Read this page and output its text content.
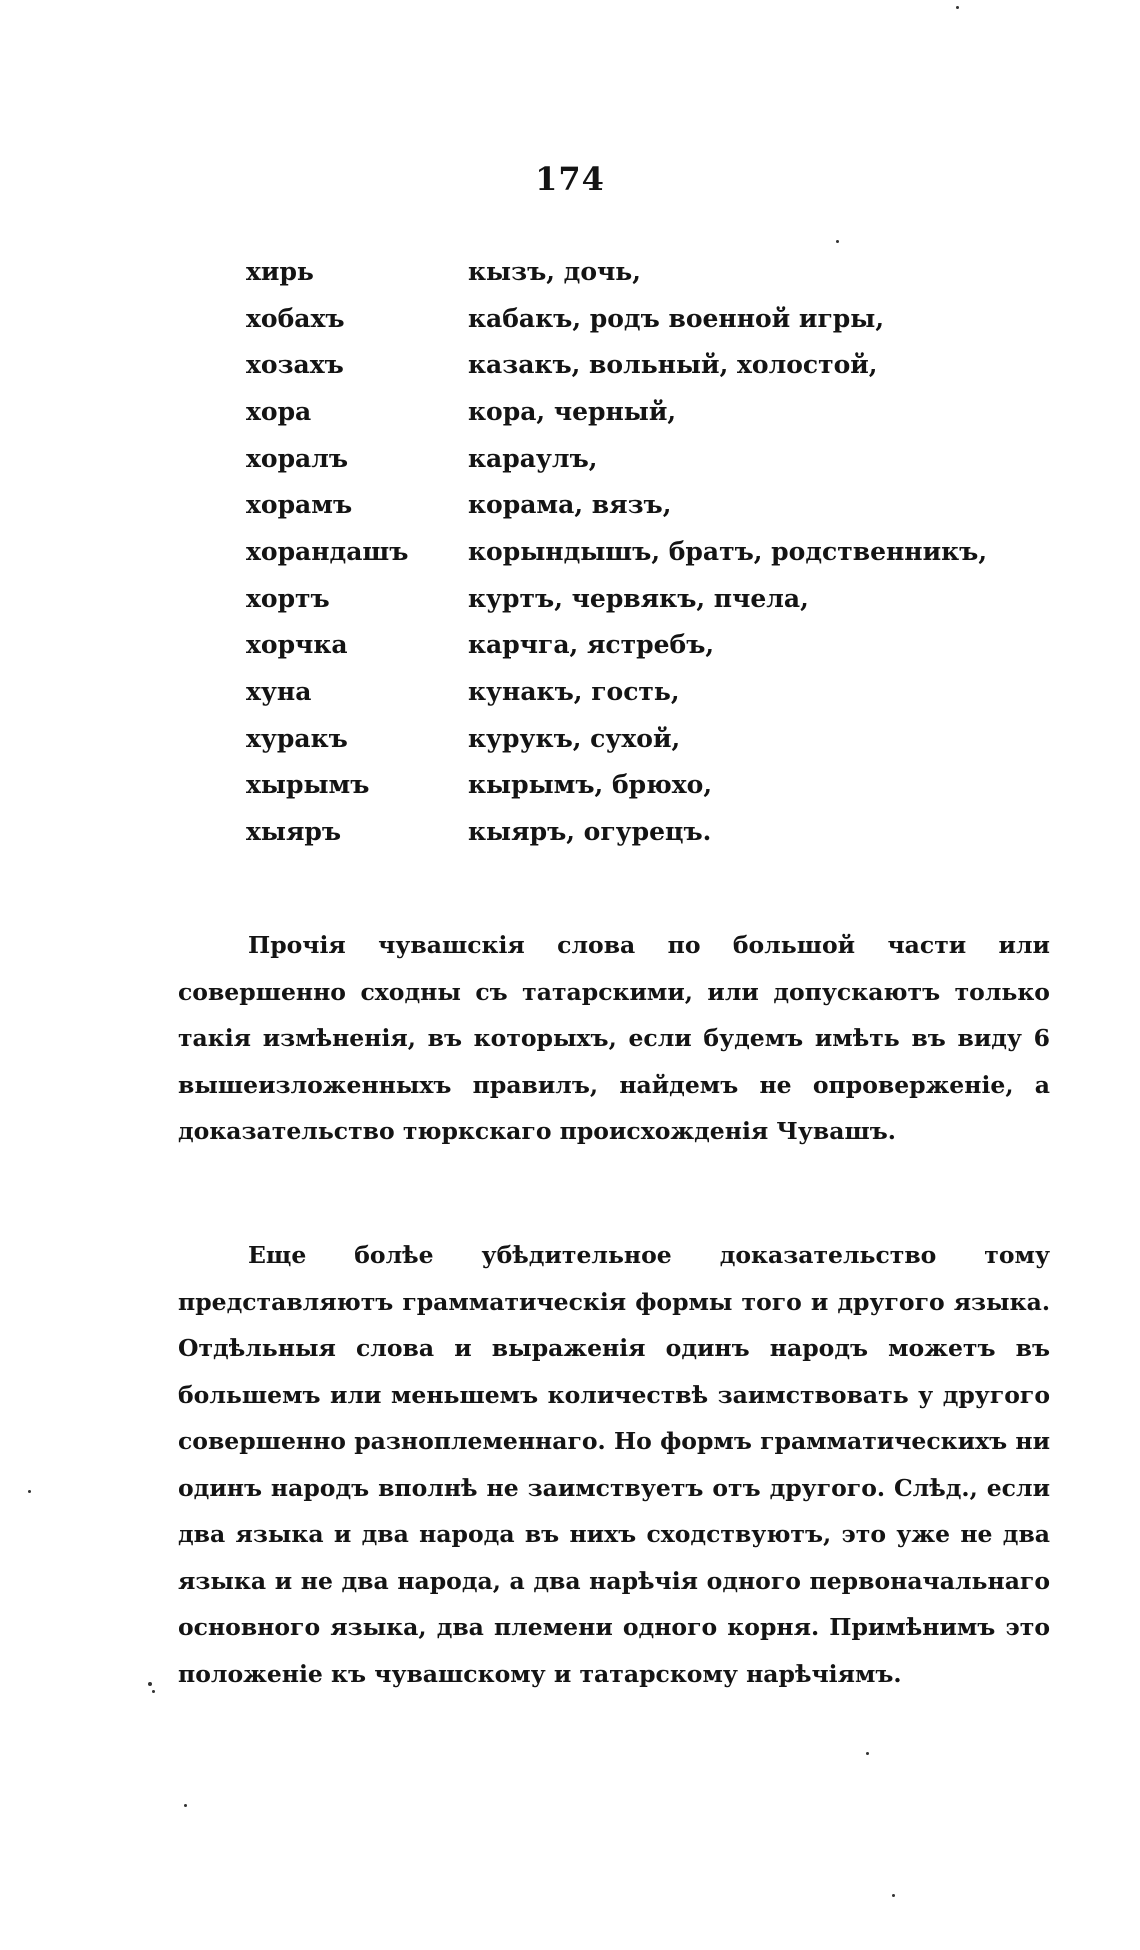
174
хирь	кызъ, дочь,
хобахъ	кабакъ, родъ военной игры,
хозахъ	казакъ, вольный, холостой,
хора	кора, черный,
хоралъ	караулъ,
хорамъ	корама, вязъ,
хорандашъ	корындышъ, братъ, родственникъ,
хортъ	куртъ, червякъ, пчела,
хорчка	карчга, ястребъ,
хуна	кунакъ, гость,
хуракъ	курукъ, сухой,
хырымъ	кырымъ, брюхо,
хыяръ	кыяръ, огурецъ.

Прочія чувашскія слова по большой части или совершенно сходны съ татарскими, или допускаютъ только такія измѣненія, въ которыхъ, если будемъ имѣть въ виду 6 вышеизложенныхъ правилъ, найдемъ не опроверженіе, а доказательство тюркскаго происхожденія Чувашъ.

Еще болѣе убѣдительное доказательство тому представляютъ грамматическія формы того и другого языка. Отдѣльныя слова и выраженія одинъ народъ можетъ въ большемъ или меньшемъ количествѣ заимствовать у другого совершенно разноплеменнаго. Но формъ грамматическихъ ни одинъ народъ вполнѣ не заимствуетъ отъ другого. Слѣд., если два языка и два народа въ нихъ сходствуютъ, это уже не два языка и не два народа, а два нарѣчія одного первоначальнаго основного языка, два племени одного корня. Примѣнимъ это положеніе къ чувашскому и татарскому нарѣчіямъ.
